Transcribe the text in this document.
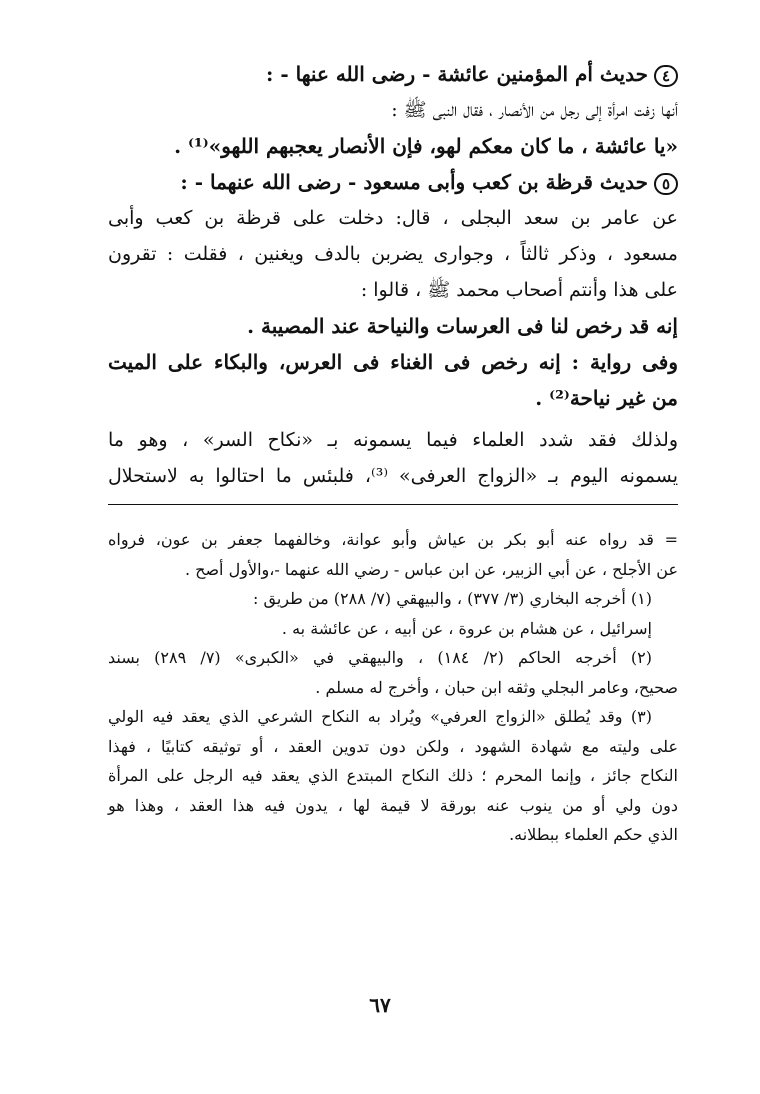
٤حديث أم المؤمنين عائشة - رضى الله عنها - :
أنها زفت امرأة إلى رجل من الأنصار ، فقال النبى ﷺ :
«يا عائشة ، ما كان معكم لهو، فإن الأنصار يعجبهم اللهو»⁽¹⁾ .
٥حديث قرظة بن كعب وأبى مسعود - رضى الله عنهما - :
عن عامر بن سعد البجلى ، قال: دخلت على قرظة بن كعب وأبى
مسعود ، وذكر ثالثاً ، وجوارى يضربن بالدف ويغنين ، فقلت : تقرون
على هذا وأنتم أصحاب محمد ﷺ ، قالوا :
إنه قد رخص لنا فى العرسات والنياحة عند المصيبة .
وفى رواية : إنه رخص فى الغناء فى العرس، والبكاء على الميت
من غير نياحة⁽²⁾ .
ولذلك فقد شدد العلماء فيما يسمونه بـ «نكاح السر» ، وهو ما
يسمونه اليوم بـ «الزواج العرفى» ⁽³⁾، فلبئس ما احتالوا به لاستحلال
= قد رواه عنه أبو بكر بن عياش وأبو عوانة، وخالفهما جعفر بن عون، فرواه
عن الأجلح ، عن أبي الزبير، عن ابن عباس - رضي الله عنهما -،والأول أصح .
(١) أخرجه البخاري (٣/ ٣٧٧) ، والبيهقي (٧/ ٢٨٨) من طريق :
إسرائيل ، عن هشام بن عروة ، عن أبيه ، عن عائشة به .
(٢) أخرجه الحاكم (٢/ ١٨٤) ، والبيهقي في «الكبرى» (٧/ ٢٨٩) بسند
صحيح، وعامر البجلي وثقه ابن حبان ، وأخرج له مسلم .
(٣) وقد يُطلق «الزواج العرفي» ويُراد به النكاح الشرعي الذي يعقد فيه الولي
على وليته مع شهادة الشهود ، ولكن دون تدوين العقد ، أو توثيقه كتابيًا ، فهذا
النكاح جائز ، وإنما المحرم ؛ ذلك النكاح المبتدع الذي يعقد فيه الرجل على المرأة
دون ولي أو من ينوب عنه بورقة لا قيمة لها ، يدون فيه هذا العقد ، وهذا هو
الذي حكم العلماء ببطلانه.
٦٧
